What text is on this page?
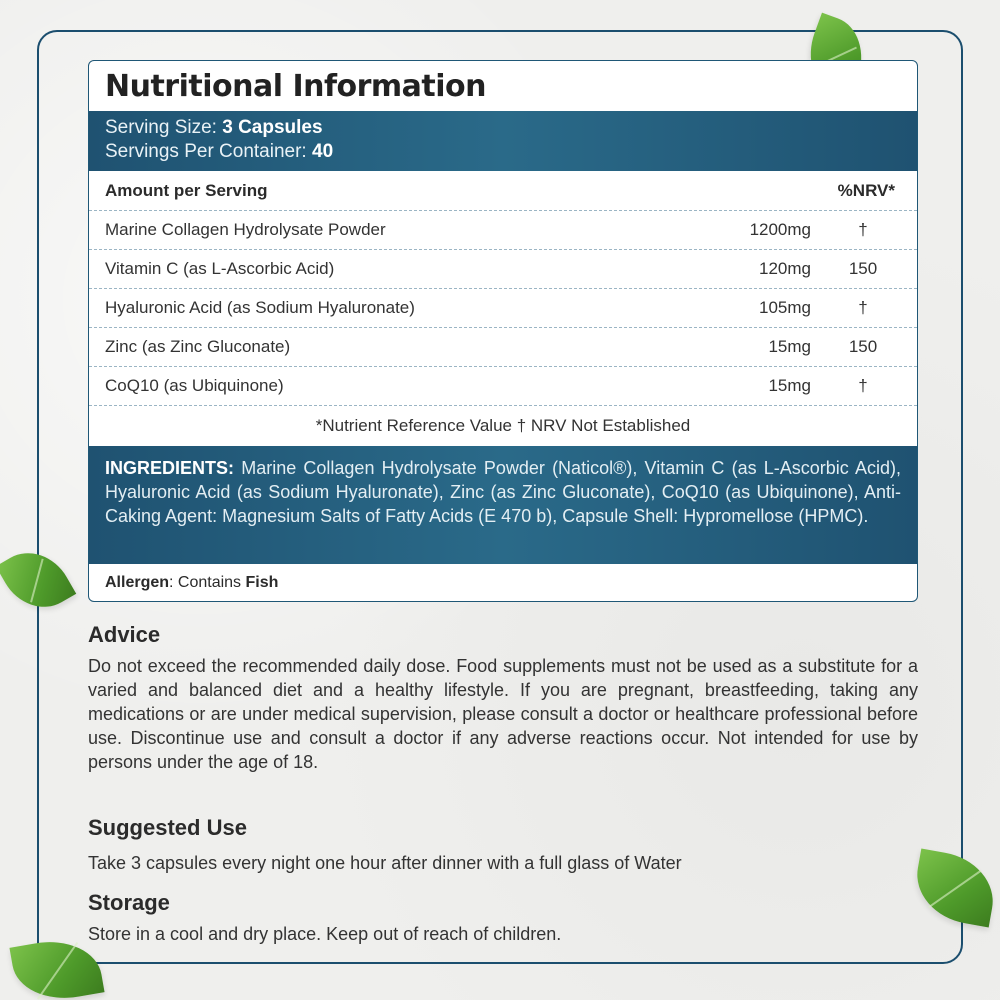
Nutritional Information
Serving Size: 3 Capsules
Servings Per Container: 40
Amount per Serving	%NRV*
Marine Collagen Hydrolysate Powder	1200mg	†
Vitamin C (as L-Ascorbic Acid)	120mg	150
Hyaluronic Acid (as Sodium Hyaluronate)	105mg	†
Zinc (as Zinc Gluconate)	15mg	150
CoQ10 (as Ubiquinone)	15mg	†
*Nutrient Reference Value † NRV Not Established
INGREDIENTS: Marine Collagen Hydrolysate Powder (Naticol®), Vitamin C (as L-Ascorbic Acid), Hyaluronic Acid (as Sodium Hyaluronate), Zinc (as Zinc Gluconate), CoQ10 (as Ubiquinone), Anti-Caking Agent: Magnesium Salts of Fatty Acids (E 470 b), Capsule Shell: Hypromellose (HPMC).
Allergen : Contains Fish
Advice

Do not exceed the recommended daily dose. Food supplements must not be used as a substitute for a varied and balanced diet and a healthy lifestyle. If you are pregnant, breastfeeding, taking any medications or are under medical supervision, please consult a doctor or healthcare professional before use. Discontinue use and consult a doctor if any adverse reactions occur. Not intended for use by persons under the age of 18.

Suggested Use

Take 3 capsules every night one hour after dinner with a full glass of Water

Storage

Store in a cool and dry place. Keep out of reach of children.
